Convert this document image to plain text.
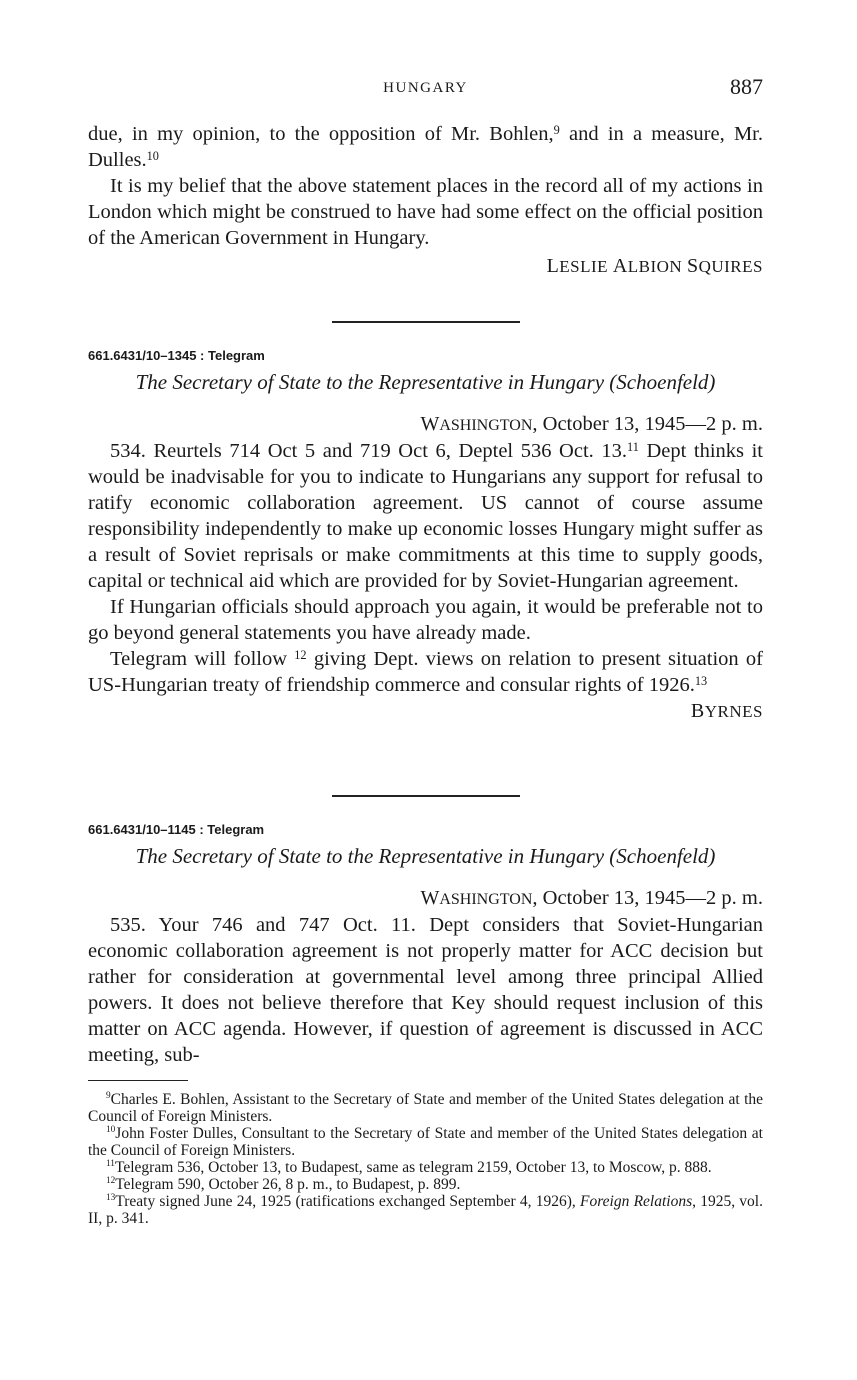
HUNGARY	887

due, in my opinion, to the opposition of Mr. Bohlen,$^9$ and in a measure, Mr. Dulles.$^{10}$

It is my belief that the above statement places in the record all of my actions in London which might be construed to have had some effect on the official position of the American Government in Hungary.

LESLIE ALBION SQUIRES

661.6431/10–1345 : Telegram

The Secretary of State to the Representative in Hungary (Schoenfeld)

WASHINGTON, October 13, 1945—2 p. m.

534. Reurtels 714 Oct 5 and 719 Oct 6, Deptel 536 Oct. 13.11 Dept thinks it would be inadvisable for you to indicate to Hungarians any support for refusal to ratify economic collaboration agreement. US cannot of course assume responsibility independently to make up economic losses Hungary might suffer as a result of Soviet reprisals or make commitments at this time to supply goods, capital or technical aid which are provided for by Soviet-Hungarian agreement.

If Hungarian officials should approach you again, it would be preferable not to go beyond general statements you have already made.

Telegram will follow $^{12}$ giving Dept. views on relation to present situation of US-Hungarian treaty of friendship commerce and consular rights of 1926.13

BYRNES

661.6431/10–1145 : Telegram

The Secretary of State to the Representative in Hungary (Schoenfeld)

WASHINGTON, October 13, 1945—2 p. m.

535. Your 746 and 747 Oct. 11. Dept considers that Soviet-Hungarian economic collaboration agreement is not properly matter for ACC decision but rather for consideration at governmental level among three principal Allied powers. It does not believe therefore that Key should request inclusion of this matter on ACC agenda. However, if question of agreement is discussed in ACC meeting, sub-

$^9$Charles E. Bohlen, Assistant to the Secretary of State and member of the United States delegation at the Council of Foreign Ministers.

$^{10}$John Foster Dulles, Consultant to the Secretary of State and member of the United States delegation at the Council of Foreign Ministers.

$^{11}$Telegram 536, October 13, to Budapest, same as telegram 2159, October 13, to Moscow, p. 888.

$^{12}$Telegram 590, October 26, 8 p. m., to Budapest, p. 899.

$^{13}$Treaty signed June 24, 1925 (ratifications exchanged September 4, 1926), Foreign Relations, 1925, vol. II, p. 341.
